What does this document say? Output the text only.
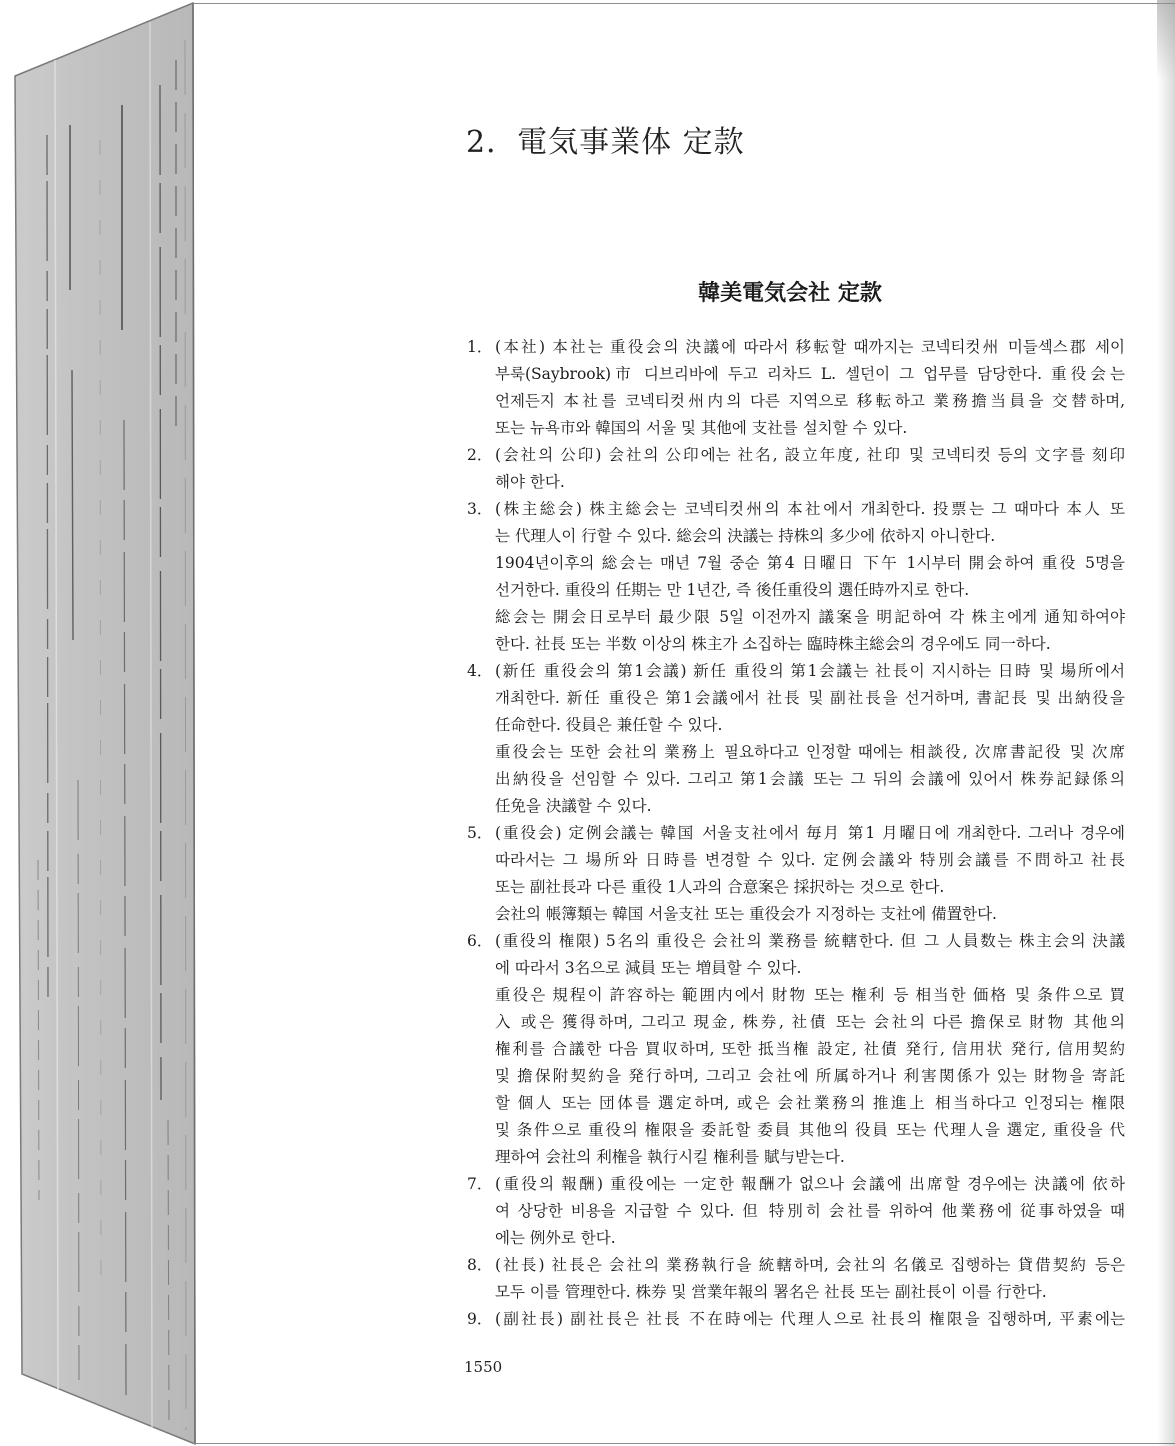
2．電気事業体 定款
韓美電気会社 定款
1． (本社) 本社는 重役会의 決議에 따라서 移転할 때까지는 코넥티컷州 미들섹스郡 세이
부룩(Saybrook)市 디브리바에 두고 리차드 L. 셀던이 그 업무를 담당한다. 重役会는
언제든지 本社를 코넥티컷州内의 다른 지역으로 移転하고 業務擔当員을 交替하며,
또는 뉴욕市와 韓国의 서울 및 其他에 支社를 설치할 수 있다.
2． (会社의 公印) 会社의 公印에는 社名, 設立年度, 社印 및 코넥티컷 등의 文字를 刻印
해야 한다.
3． (株主総会) 株主総会는 코넥티컷州의 本社에서 개최한다. 投票는 그 때마다 本人 또
는 代理人이 行할 수 있다. 総会의 決議는 持株의 多少에 依하지 아니한다.
1904년이후의 総会는 매년 7월 중순 第4 日曜日 下午 1시부터 開会하여 重役 5명을
선거한다. 重役의 任期는 만 1년간, 즉 後任重役의 選任時까지로 한다.
総会는 開会日로부터 最少限 5일 이전까지 議案을 明記하여 각 株主에게 通知하여야
한다. 社長 또는 半数 이상의 株主가 소집하는 臨時株主総会의 경우에도 同一하다.
4． (新任 重役会의 第1会議) 新任 重役의 第1会議는 社長이 지시하는 日時 및 場所에서
개최한다. 新任 重役은 第1会議에서 社長 및 副社長을 선거하며, 書記長 및 出納役을
任命한다. 役員은 兼任할 수 있다.
重役会는 또한 会社의 業務上 필요하다고 인정할 때에는 相談役, 次席書記役 및 次席
出納役을 선임할 수 있다. 그리고 第1会議 또는 그 뒤의 会議에 있어서 株券記録係의
任免을 決議할 수 있다.
5． (重役会) 定例会議는 韓国 서울支社에서 毎月 第1 月曜日에 개최한다. 그러나 경우에
따라서는 그 場所와 日時를 변경할 수 있다. 定例会議와 特別会議를 不問하고 社長
또는 副社長과 다른 重役 1人과의 合意案은 採択하는 것으로 한다.
会社의 帳簿類는 韓国 서울支社 또는 重役会가 지정하는 支社에 備置한다.
6． (重役의 権限) 5名의 重役은 会社의 業務를 統轄한다. 但 그 人員数는 株主会의 決議
에 따라서 3名으로 減員 또는 増員할 수 있다.
重役은 規程이 許容하는 範囲内에서 財物 또는 権利 등 相当한 価格 및 条件으로 買
入 或은 獲得하며, 그리고 現金, 株券, 社債 또는 会社의 다른 擔保로 財物 其他의
権利를 合議한 다음 買収하며, 또한 抵当権 設定, 社債 発行, 信用状 発行, 信用契約
및 擔保附契約을 発行하며, 그리고 会社에 所属하거나 利害関係가 있는 財物을 寄託
할 個人 또는 団体를 選定하며, 或은 会社業務의 推進上 相当하다고 인정되는 権限
및 条件으로 重役의 権限을 委託할 委員 其他의 役員 또는 代理人을 選定, 重役을 代
理하여 会社의 利権을 執行시킬 権利를 賦与받는다.
7． (重役의 報酬) 重役에는 一定한 報酬가 없으나 会議에 出席할 경우에는 決議에 依하
여 상당한 비용을 지급할 수 있다. 但 特別히 会社를 위하여 他業務에 従事하였을 때
에는 例外로 한다.
8． (社長) 社長은 会社의 業務執行을 統轄하며, 会社의 名儀로 집행하는 貸借契約 등은
모두 이를 管理한다. 株券 및 営業年報의 署名은 社長 또는 副社長이 이를 行한다.
9． (副社長) 副社長은 社長 不在時에는 代理人으로 社長의 権限을 집행하며, 平素에는
1550
